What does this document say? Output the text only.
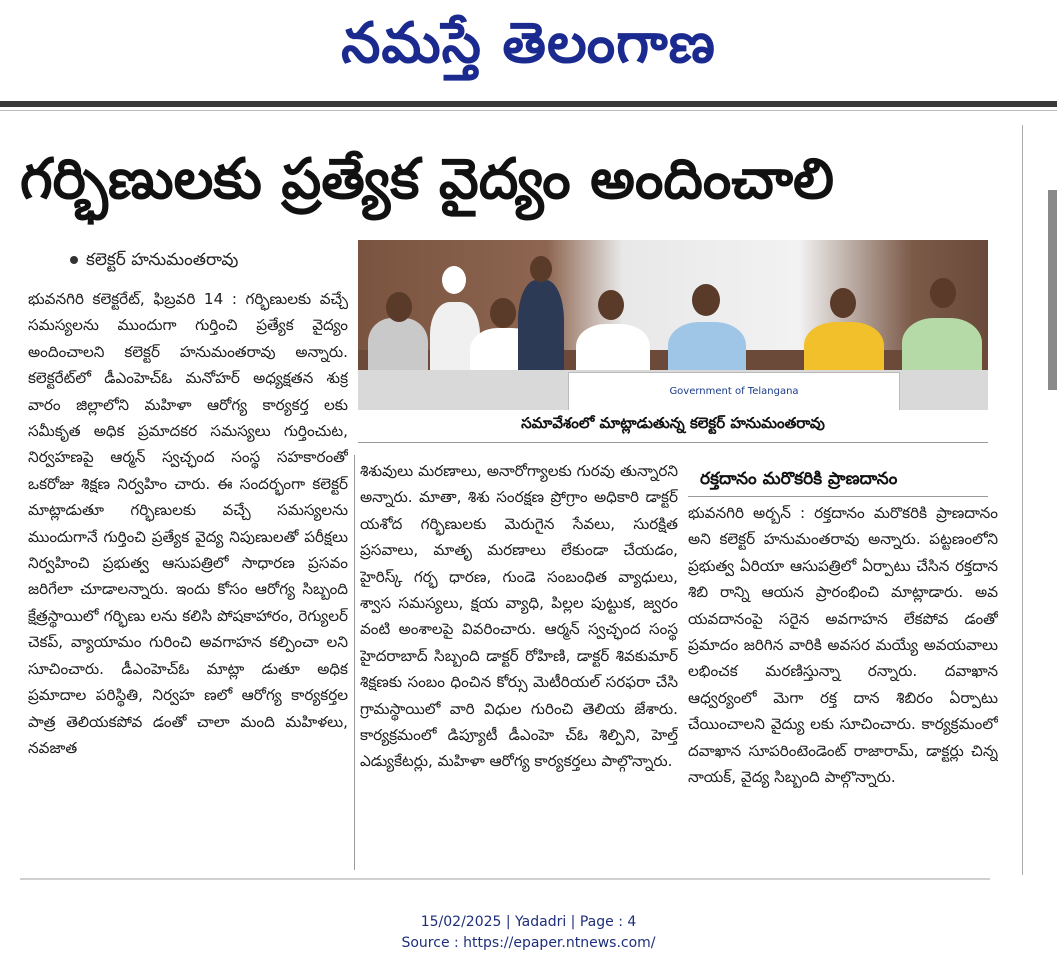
నమస్తే తెలంగాణ
గర్భిణులకు ప్రత్యేక వైద్యం అందించాలి
కలెక్టర్ హనుమంతరావు
Government of Telangana
సమావేశంలో మాట్లాడుతున్న కలెక్టర్ హనుమంతరావు

భువనగిరి కలెక్టరేట్, ఫిబ్రవరి 14 : గర్భిణులకు వచ్చే సమస్యలను ముందుగా గుర్తించి ప్రత్యేక వైద్యం అందించాలని కలెక్టర్ హనుమంతరావు అన్నారు. కలెక్టరేట్‌లో డీఎంహెచ్‌ఓ మనోహర్ అధ్యక్షతన శుక్ర వారం జిల్లాలోని మహిళా ఆరోగ్య కార్యకర్త లకు సమీకృత అధిక ప్రమాదకర సమస్యలు గుర్తించుట, నిర్వహణపై ఆర్మన్ స్వచ్ఛంద సంస్థ సహకారంతో ఒకరోజు శిక్షణ నిర్వహిం చారు. ఈ సందర్భంగా కలెక్టర్ మాట్లాడుతూ గర్భిణులకు వచ్చే సమస్యలను ముందుగానే గుర్తించి ప్రత్యేక వైద్య నిపుణులతో పరీక్షలు నిర్వహించి ప్రభుత్వ ఆసుపత్రిలో సాధారణ ప్రసవం జరిగేలా చూడాలన్నారు. ఇందు కోసం ఆరోగ్య సిబ్బంది క్షేత్రస్థాయిలో గర్భిణు లను కలిసి పోషకాహారం, రెగ్యులర్ చెకప్, వ్యాయామం గురించి అవగాహన కల్పించా లని సూచించారు. డీఎంహెచ్‌ఓ మాట్లా డుతూ అధిక ప్రమాదాల పరిస్థితి, నిర్వహ ణలో ఆరోగ్య కార్యకర్తల పాత్ర తెలియకపోవ డంతో చాలా మంది మహిళలు, నవజాత

శిశువులు మరణాలు, అనారోగ్యాలకు గురవు తున్నారని అన్నారు. మాతా, శిశు సంరక్షణ ప్రోగ్రాం అధికారి డాక్టర్ యశోద గర్భిణులకు మెరుగైన సేవలు, సురక్షిత ప్రసవాలు, మాతృ మరణాలు లేకుండా చేయడం, హైరిస్క్ గర్భ ధారణ, గుండె సంబంధిత వ్యాధులు, శ్వాస సమస్యలు, క్షయ వ్యాధి, పిల్లల పుట్టుక, జ్వరం వంటి అంశాలపై వివరించారు. ఆర్మన్ స్వచ్ఛంద సంస్థ హైదరాబాద్ సిబ్బంది డాక్టర్ రోహిణి, డాక్టర్ శివకుమార్ శిక్షణకు సంబం ధించిన కోర్సు మెటీరియల్ సరఫరా చేసి గ్రామస్థాయిలో వారి విధుల గురించి తెలియ జేశారు. కార్యక్రమంలో డిప్యూటీ డీఎంహె చ్‌ఓ శిల్పిని, హెల్త్ ఎడ్యుకేటర్లు, మహిళా ఆరోగ్య కార్యకర్తలు పాల్గొన్నారు.

రక్తదానం మరొకరికి ప్రాణదానం

భువనగిరి అర్బన్ : రక్తదానం మరొకరికి ప్రాణదానం అని కలెక్టర్ హనుమంతరావు అన్నారు. పట్టణంలోని ప్రభుత్వ ఏరియా ఆసుపత్రిలో ఏర్పాటు చేసిన రక్తదాన శిబి రాన్ని ఆయన ప్రారంభించి మాట్లాడారు. అవ యవదానంపై సరైన అవగాహన లేకపోవ డంతో ప్రమాదం జరిగిన వారికి అవసర మయ్యే అవయవాలు లభించక మరణిస్తున్నా రన్నారు. దవాఖాన ఆధ్వర్యంలో మెగా రక్త దాన శిబిరం ఏర్పాటు చేయించాలని వైద్యు లకు సూచించారు. కార్యక్రమంలో దవాఖాన సూపరింటెండెంట్ రాజారామ్, డాక్టర్లు చిన్న నాయక్, వైద్య సిబ్బంది పాల్గొన్నారు.

15/02/2025 | Yadadri | Page : 4
Source : https://epaper.ntnews.com/
